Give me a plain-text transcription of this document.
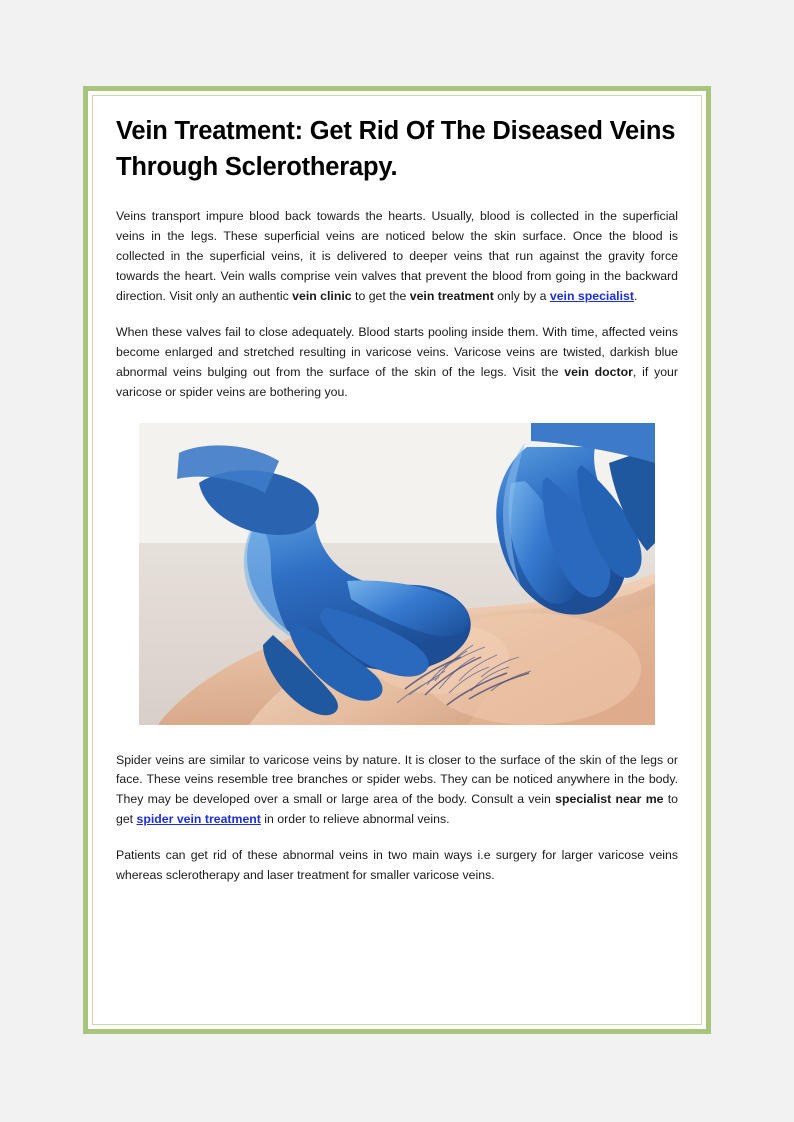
Vein Treatment: Get Rid Of The Diseased Veins Through Sclerotherapy.

Veins transport impure blood back towards the hearts. Usually, blood is collected in the superficial veins in the legs. These superficial veins are noticed below the skin surface. Once the blood is collected in the superficial veins, it is delivered to deeper veins that run against the gravity force towards the heart. Vein walls comprise vein valves that prevent the blood from going in the backward direction. Visit only an authentic vein clinic to get the vein treatment only by a vein specialist.

When these valves fail to close adequately. Blood starts pooling inside them. With time, affected veins become enlarged and stretched resulting in varicose veins. Varicose veins are twisted, darkish blue abnormal veins bulging out from the surface of the skin of the legs. Visit the vein doctor, if your varicose or spider veins are bothering you.

Spider veins are similar to varicose veins by nature. It is closer to the surface of the skin of the legs or face. These veins resemble tree branches or spider webs. They can be noticed anywhere in the body. They may be developed over a small or large area of the body. Consult a vein specialist near me to get spider vein treatment in order to relieve abnormal veins.

Patients can get rid of these abnormal veins in two main ways i.e surgery for larger varicose veins whereas sclerotherapy and laser treatment for smaller varicose veins.
